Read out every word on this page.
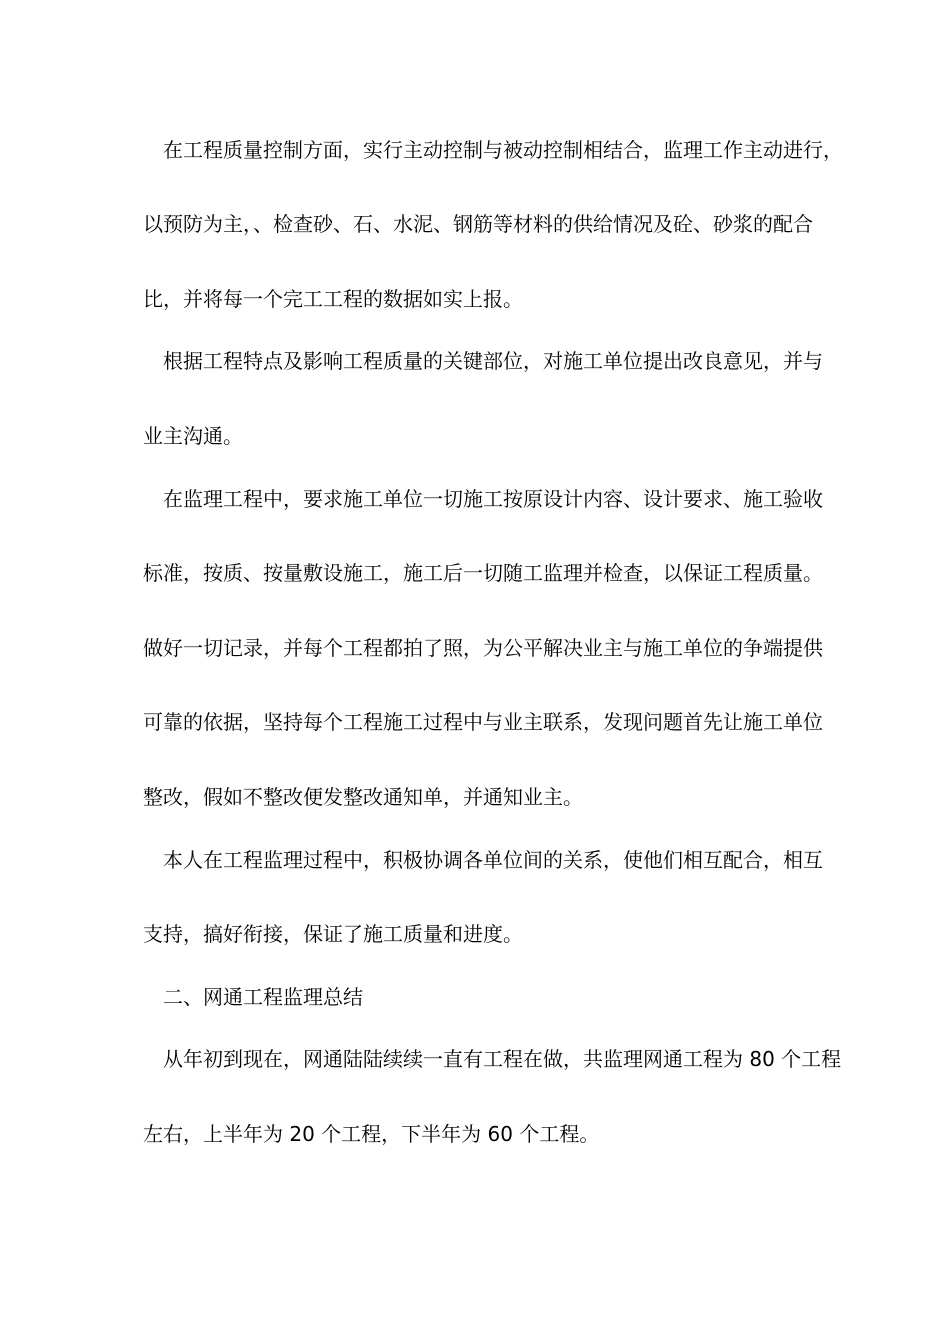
在工程质量控制方面，实行主动控制与被动控制相结合，监理工作主动进行，
以预防为主，、检查砂、石、水泥、钢筋等材料的供给情况及砼、砂浆的配合
比，并将每一个完工工程的数据如实上报。
根据工程特点及影响工程质量的关键部位，对施工单位提出改良意见，并与
业主沟通。
在监理工程中，要求施工单位一切施工按原设计内容、设计要求、施工验收
标准，按质、按量敷设施工，施工后一切随工监理并检查，以保证工程质量。
做好一切记录，并每个工程都拍了照，为公平解决业主与施工单位的争端提供
可靠的依据，坚持每个工程施工过程中与业主联系，发现问题首先让施工单位
整改，假如不整改便发整改通知单，并通知业主。
本人在工程监理过程中，积极协调各单位间的关系，使他们相互配合，相互
支持，搞好衔接，保证了施工质量和进度。
二、网通工程监理总结
从年初到现在，网通陆陆续续一直有工程在做，共监理网通工程为 80 个工程
左右，上半年为 20 个工程，下半年为 60 个工程。
